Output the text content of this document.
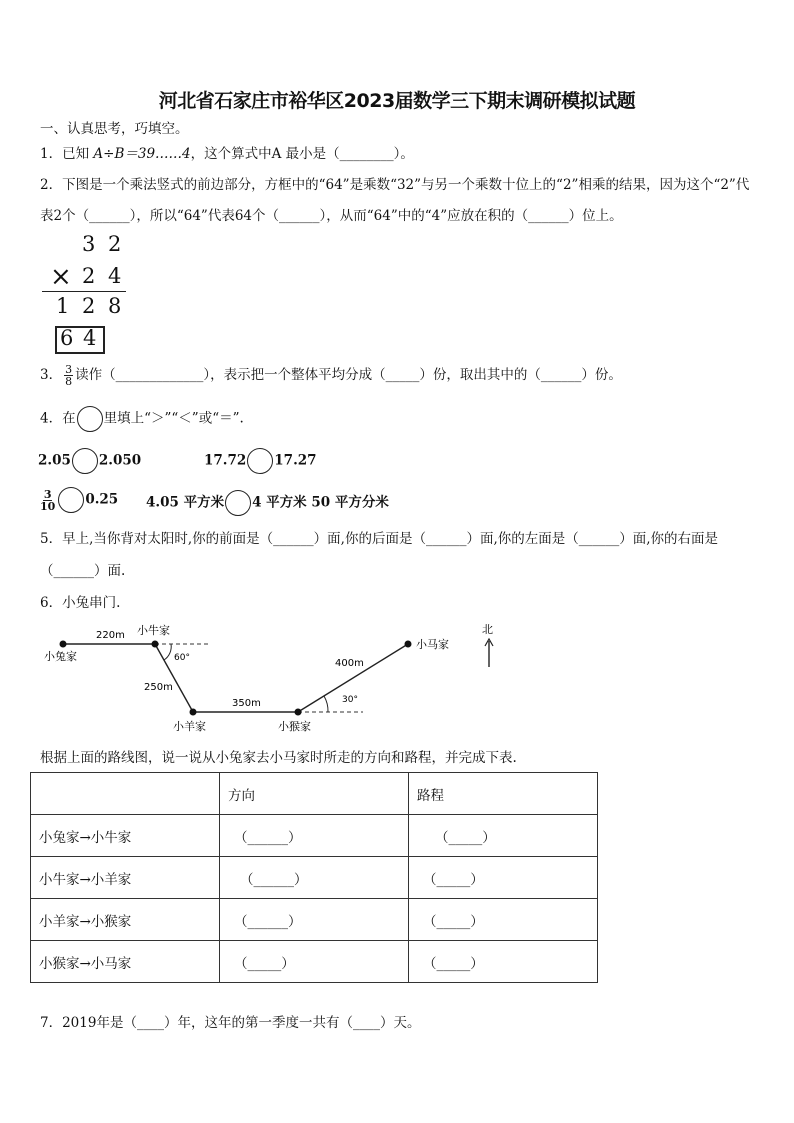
河北省石家庄市裕华区2023届数学三下期末调研模拟试题
一、认真思考，巧填空。
1．已知 A÷B＝39……4，这个算式中A 最小是（________）。
2．下图是一个乘法竖式的前边部分，方框中的“64”是乘数“32”与另一个乘数十位上的“2”相乘的结果，因为这个“2”代
表2个（______），所以“64”代表64个（______），从而“64”中的“4”应放在积的（______）位上。
3 2
× 2 4
1 2 8
6 4
3． $\frac{3}{8}$ 读作（_____________），表示把一个整体平均分成（_____）份，取出其中的（______）份。
4．在 里填上“＞”“＜”或“＝”.
2.05 2.050	17.72 17.27
$\frac{3}{10} 0.25$ 4.05 平方米 4 平方米 50 平方分米
5．早上,当你背对太阳时,你的前面是（______）面,你的后面是（______）面,你的左面是（______）面,你的右面是
（______）面.
6．小兔串门.
小兔家
小牛家
小羊家	小猴家
小马家
220m
250m
350m
400m
60°
30°
北
根据上面的路线图，说一说从小兔家去小马家时所走的方向和路程，并完成下表.
	方向	路程
小兔家→小牛家	（______）	（_____）
小牛家→小羊家	（______）	（_____）
小羊家→小猴家	（______）	（_____）
小猴家→小马家	（_____）	（_____）
7．2019年是（____）年，这年的第一季度一共有（____）天。
